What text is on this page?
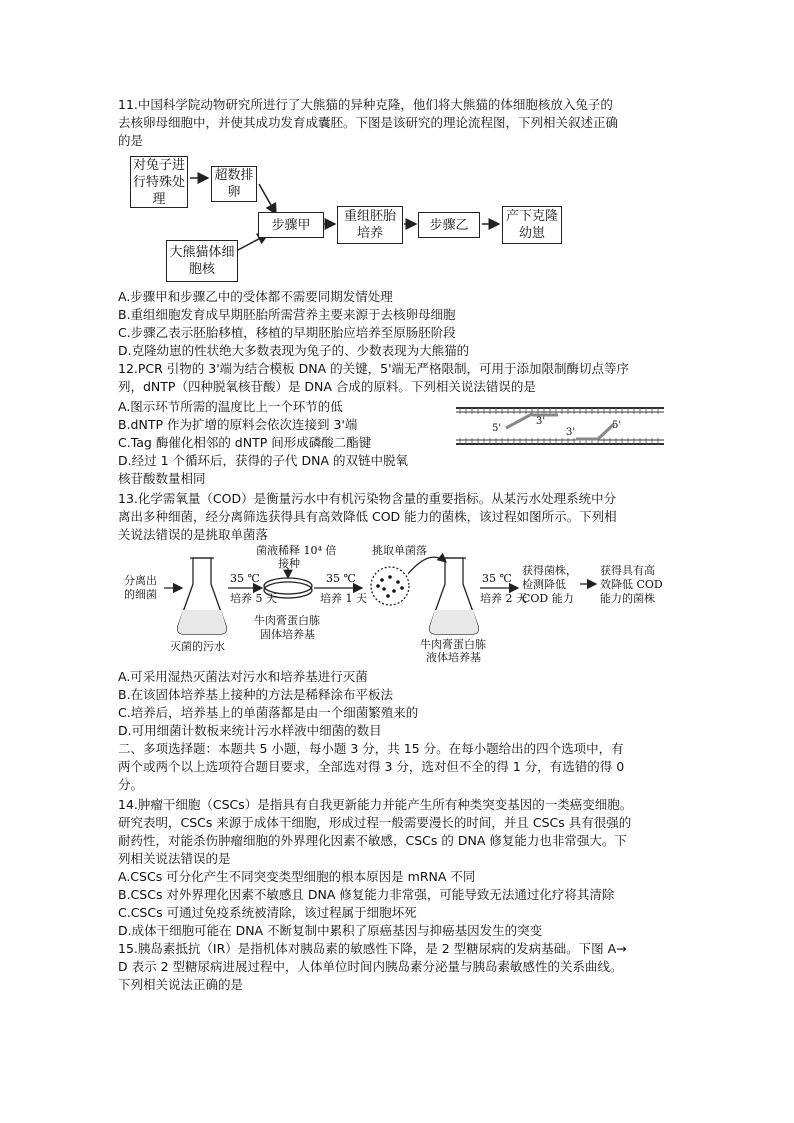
11.中国科学院动物研究所进行了大熊猫的异种克隆，他们将大熊猫的体细胞核放入兔子的
去核卵母细胞中，并使其成功发育成囊胚。下图是该研究的理论流程图，下列相关叙述正确
的是
对兔子进行特殊处理
超数排卵
大熊猫体细胞核
步骤甲
重组胚胎培养
步骤乙
产下克隆幼崽
A.步骤甲和步骤乙中的受体都不需要同期发情处理
B.重组细胞发育成早期胚胎所需营养主要来源于去核卵母细胞
C.步骤乙表示胚胎移植，移植的早期胚胎应培养至原肠胚阶段
D.克隆幼崽的性状绝大多数表现为兔子的、少数表现为大熊猫的
12.PCR 引物的 3'端为结合模板 DNA 的关键，5'端无严格限制，可用于添加限制酶切点等序
列，dNTP（四种脱氧核苷酸）是 DNA 合成的原料。下列相关说法错误的是
A.图示环节所需的温度比上一个环节的低
B.dNTP 作为扩增的原料会依次连接到 3'端
C.Tag 酶催化相邻的 dNTP 间形成磷酸二酯键
D.经过 1 个循环后，获得的子代 DNA 的双链中脱氧
核苷酸数量相同
5'
3'
3'
5'
13.化学需氧量（COD）是衡量污水中有机污染物含量的重要指标。从某污水处理系统中分
离出多种细菌，经分离筛选获得具有高效降低 COD 能力的菌株，该过程如图所示。下列相
关说法错误的是挑取单菌落
分离出
的细菌
35 ℃
培养 5 天
菌液稀释 10⁴ 倍
接种
35 ℃
培养 1 天
挑取单菌落
35 ℃
培养 2 天
获得菌株，
检测降低
COD 能力
获得具有高
效降低 COD
能力的菌株
灭菌的污水
牛肉膏蛋白胨
固体培养基
牛肉膏蛋白胨
液体培养基
A.可采用湿热灭菌法对污水和培养基进行灭菌
B.在该固体培养基上接种的方法是稀释涂布平板法
C.培养后，培养基上的单菌落都是由一个细菌繁殖来的
D.可用细菌计数板来统计污水样液中细菌的数目
二、多项选择题：本题共 5 小题，每小题 3 分，共 15 分。在每小题给出的四个选项中，有
两个或两个以上选项符合题目要求，全部选对得 3 分，选对但不全的得 1 分，有选错的得 0
分。
14.肿瘤干细胞（CSCs）是指具有自我更新能力并能产生所有种类突变基因的一类癌变细胞。
研究表明，CSCs 来源于成体干细胞，形成过程一般需要漫长的时间，并且 CSCs 具有很强的
耐药性，对能杀伤肿瘤细胞的外界理化因素不敏感，CSCs 的 DNA 修复能力也非常强大。下
列相关说法错误的是
A.CSCs 可分化产生不同突变类型细胞的根本原因是 mRNA 不同
B.CSCs 对外界理化因素不敏感且 DNA 修复能力非常强，可能导致无法通过化疗将其清除
C.CSCs 可通过免疫系统被清除，该过程属于细胞坏死
D.成体干细胞可能在 DNA 不断复制中累积了原癌基因与抑癌基因发生的突变
15.胰岛素抵抗（IR）是指机体对胰岛素的敏感性下降，是 2 型糖尿病的发病基础。下图 A→
D 表示 2 型糖尿病进展过程中，人体单位时间内胰岛素分泌量与胰岛素敏感性的关系曲线。
下列相关说法正确的是
